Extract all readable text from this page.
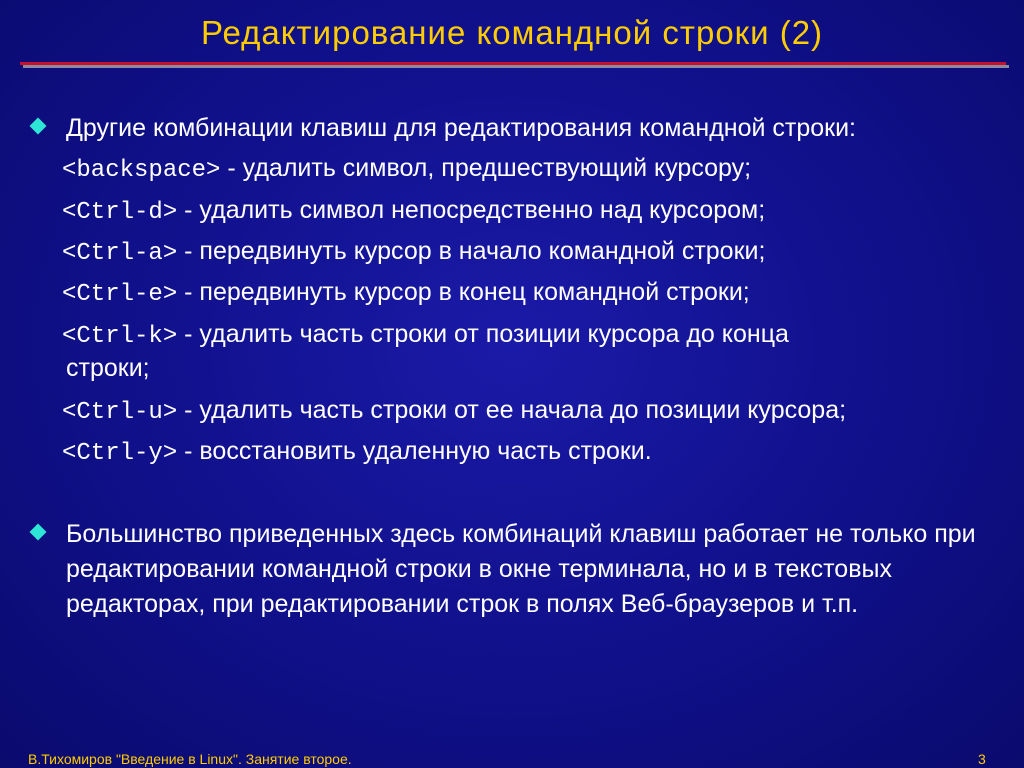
Редактирование командной строки (2)
Другие комбинации клавиш для редактирования командной строки:
<backspace> - удалить символ, предшествующий курсору;
<Ctrl-d> - удалить символ непосредственно над курсором;
<Ctrl-a> - передвинуть курсор в начало командной строки;
<Ctrl-e> - передвинуть курсор в конец командной строки;
<Ctrl-k> - удалить часть строки от позиции курсора до конца
строки;
<Ctrl-u> - удалить часть строки от ее начала до позиции курсора;
<Ctrl-y> - восстановить удаленную часть строки.
Большинство приведенных здесь комбинаций клавиш работает не только при редактировании командной строки в окне терминала, но и в текстовых редакторах, при редактировании строк в полях Веб-браузеров и т.п.
В.Тихомиров "Введение в Linux". Занятие второе.	3
